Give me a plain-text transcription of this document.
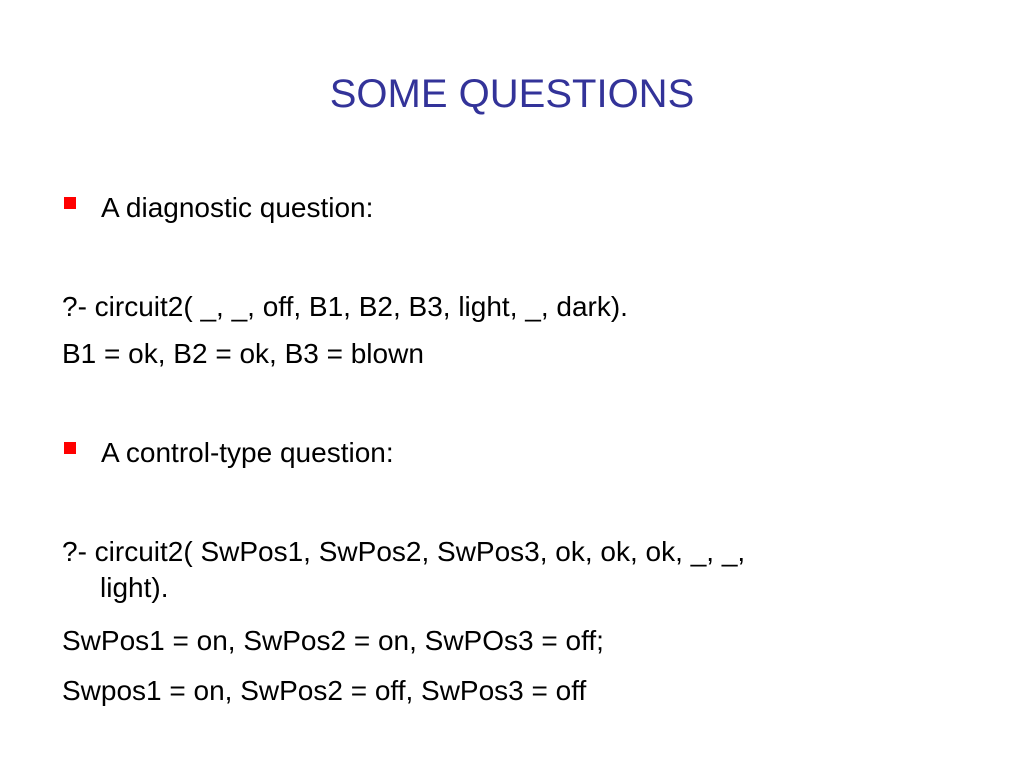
SOME QUESTIONS
A diagnostic question:
?- circuit2( _, _, off, B1, B2, B3, light, _, dark).
B1 = ok, B2 = ok, B3 = blown
A control-type question:
?- circuit2( SwPos1, SwPos2, SwPos3, ok, ok, ok, _, _,
light).
SwPos1 = on, SwPos2 = on, SwPOs3 = off;
Swpos1 = on, SwPos2 = off, SwPos3 = off
